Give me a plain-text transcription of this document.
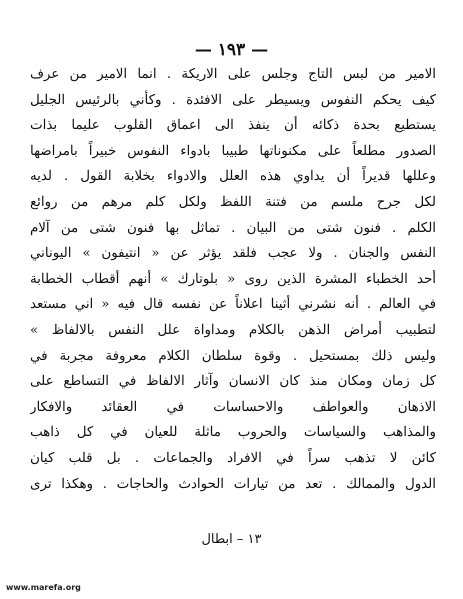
— ١٩٣ —
الامير من لبس التاج وجلس على الاريكة . انما الامير من عرف
كيف يحكم النفوس ويسيطر على الافئدة . وكأني بالرئيس الجليل
يستطيع بحدة ذكائه أن ينفذ الى اعماق القلوب عليما بذات
الصدور مطلعاً على مكنوناتها طبيبا بادواء النفوس خبيراً بامراضها
وعللها قديراً أن يداوي هذه العلل والادواء بخلابة القول . لديه
لكل جرح ملسم من فتنة اللفظ ولكل كلم مرهم من روائع
الكلم . فنون شتى من البيان . تماثل بها فنون شتى من آلام
النفس والجنان . ولا عجب فلقد يؤثر عن « انتيفون » اليوناني
أحد الخطباء المشرة الذين روى « بلوتارك » أنهم أقطاب الخطابة
في العالم . أنه نشرني أثينا اعلاناً عن نفسه قال فيه « اني مستعد
لتطبيب أمراض الذهن بالكلام ومداواة علل النفس بالالفاظ »
وليس ذلك بمستحيل . وقوة سلطان الكلام معروفة مجربة في
كل زمان ومكان منذ كان الانسان وآثار الالفاظ في التساطع على
الاذهان والعواطف والاحساسات في العقائد والافكار
والمذاهب والسياسات والحروب ماثلة للعيان في كل ذاهب
كائن لا تذهب سراً في الافراد والجماعات . بل قلب كيان
الدول والممالك . تعد من تيارات الحوادث والحاجات . وهكذا ترى
١٣ – ابطال
www.marefa.org
